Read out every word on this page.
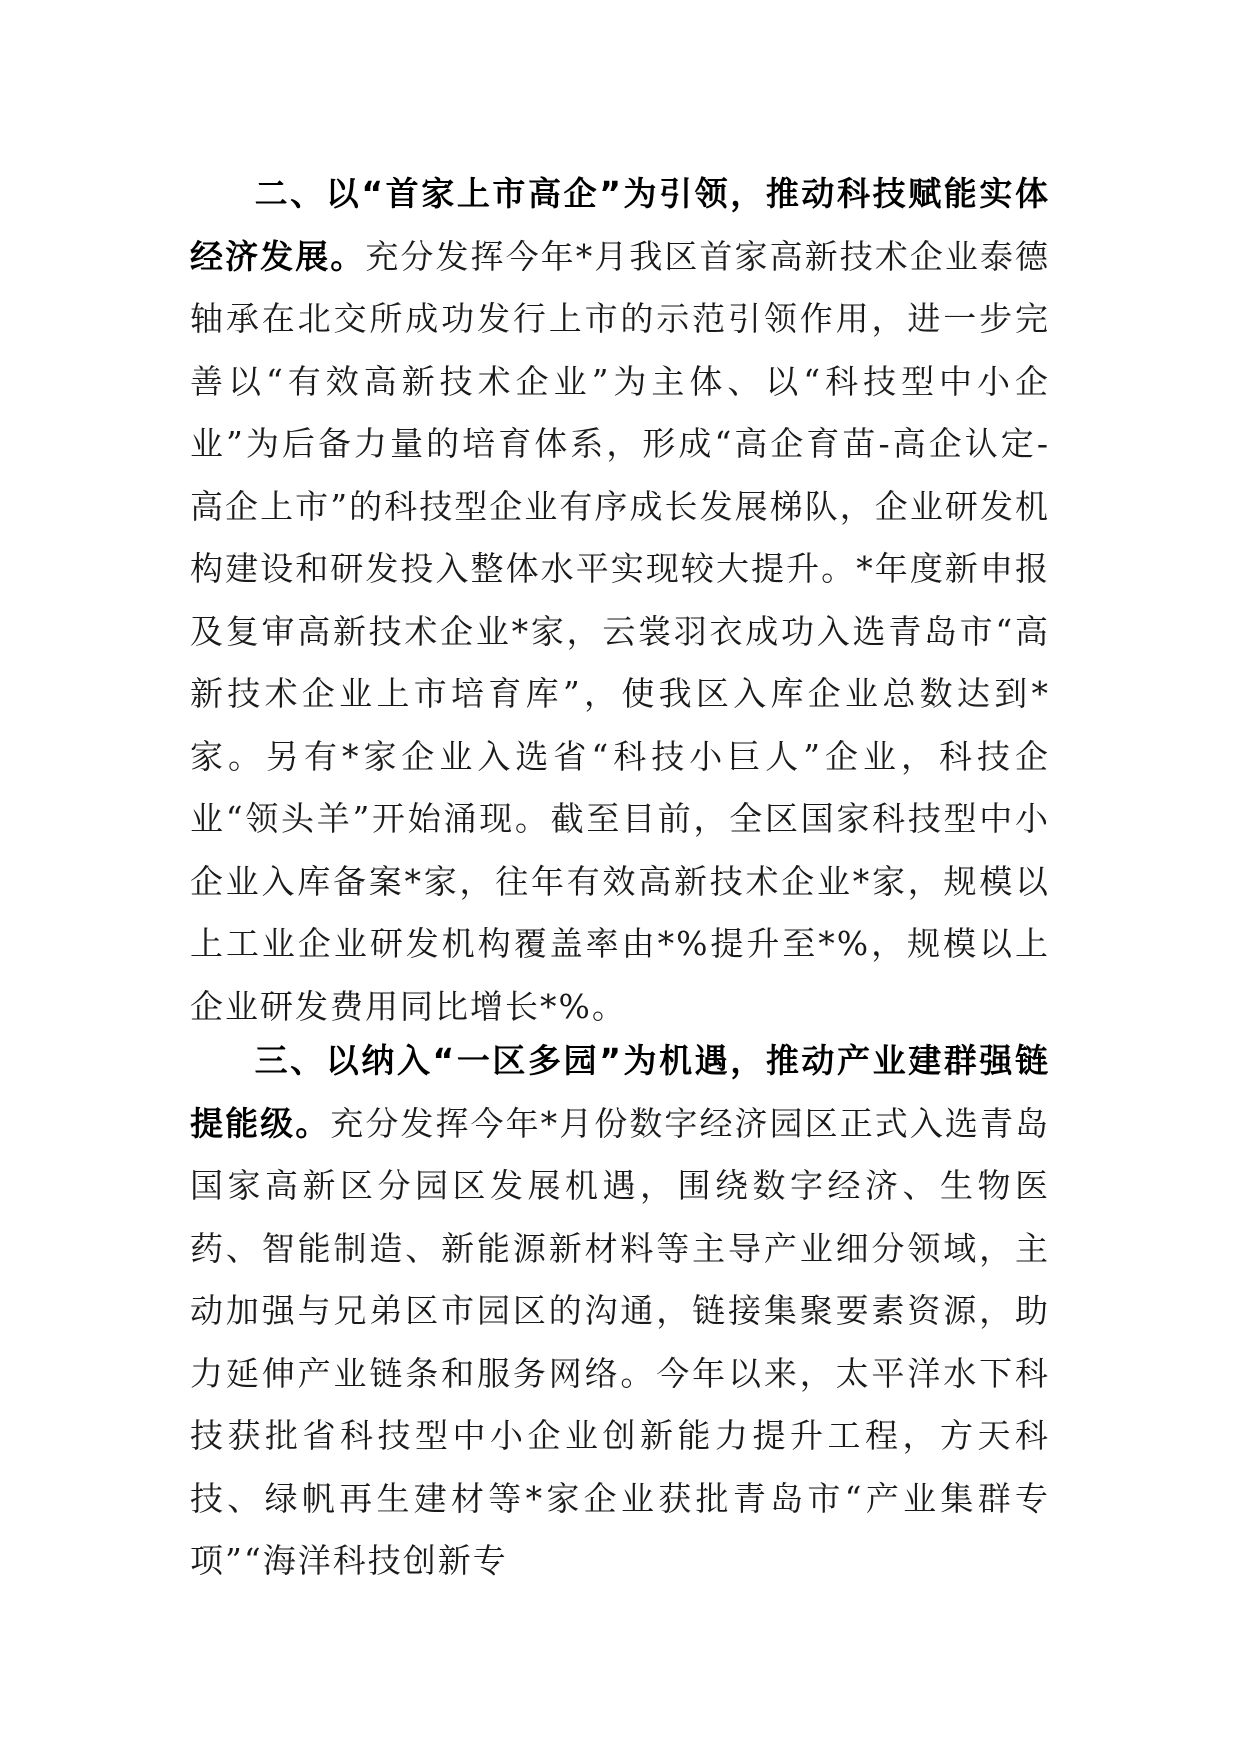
二、以“首家上市高企”为引领，推动科技赋能实体经济发展。充分发挥今年*月我区首家高新技术企业泰德轴承在北交所成功发行上市的示范引领作用，进一步完善以“有效高新技术企业”为主体、以“科技型中小企业”为后备力量的培育体系，形成“高企育苗-高企认定-高企上市”的科技型企业有序成长发展梯队，企业研发机构建设和研发投入整体水平实现较大提升。*年度新申报及复审高新技术企业*家，云裳羽衣成功入选青岛市“高新技术企业上市培育库”，使我区入库企业总数达到*家。另有*家企业入选省“科技小巨人”企业，科技企业“领头羊”开始涌现。截至目前，全区国家科技型中小企业入库备案*家，往年有效高新技术企业*家，规模以上工业企业研发机构覆盖率由*%提升至*%，规模以上企业研发费用同比增长*%。

三、以纳入“一区多园”为机遇，推动产业建群强链提能级。充分发挥今年*月份数字经济园区正式入选青岛国家高新区分园区发展机遇，围绕数字经济、生物医药、智能制造、新能源新材料等主导产业细分领域，主动加强与兄弟区市园区的沟通，链接集聚要素资源，助力延伸产业链条和服务网络。今年以来，太平洋水下科技获批省科技型中小企业创新能力提升工程，方天科技、绿帆再生建材等*家企业获批青岛市“产业集群专项”“海洋科技创新专
